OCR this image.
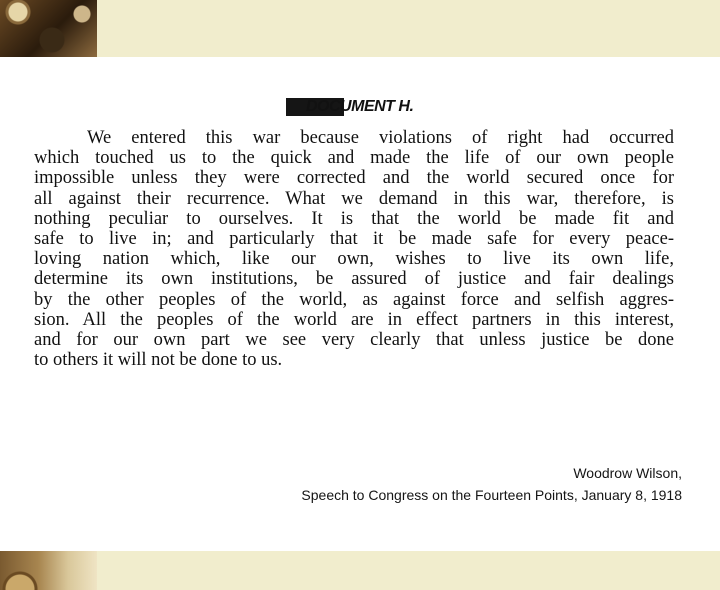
DOCUMENT H.
We entered this war because violations of right had occurred
which touched us to the quick and made the life of our own people
impossible unless they were corrected and the world secured once for
all against their recurrence. What we demand in this war, therefore, is
nothing peculiar to ourselves. It is that the world be made fit and
safe to live in; and particularly that it be made safe for every peace-
loving nation which, like our own, wishes to live its own life,
determine its own institutions, be assured of justice and fair dealings
by the other peoples of the world, as against force and selfish aggres-
sion. All the peoples of the world are in effect partners in this interest,
and for our own part we see very clearly that unless justice be done
to others it will not be done to us.
Woodrow Wilson,
Speech to Congress on the Fourteen Points, January 8, 1918
